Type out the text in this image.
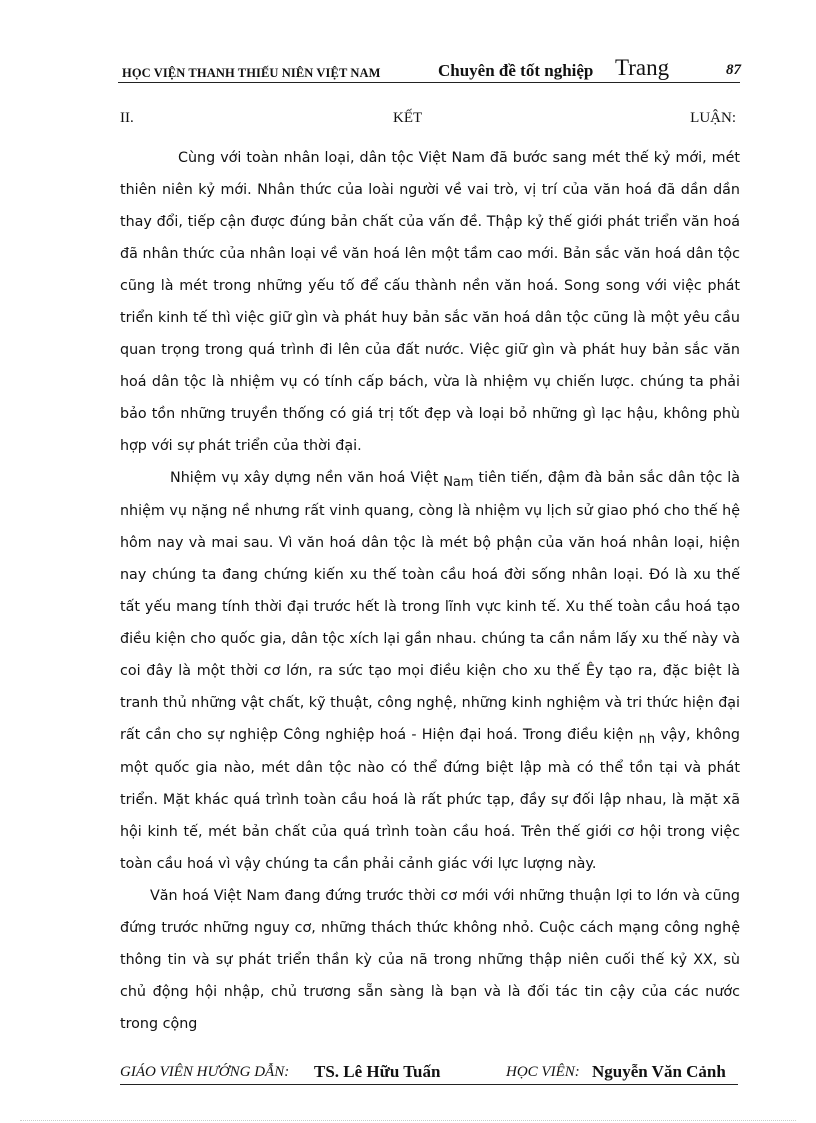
HỌC VIỆN THANH THIẾU NIÊN VIỆT NAM	Chuyên đề tốt nghiệp Trang	87
II.	KẾT	LUẬN:

Cùng với toàn nhân loại, dân tộc Việt Nam đã bước sang mét thế kỷ mới, mét thiên niên kỷ mới. Nhân thức của loài người về vai trò, vị trí của văn hoá đã dần dần thay đổi, tiếp cận được đúng bản chất của vấn đề. Thập kỷ thế giới phát triển văn hoá đã nhân thức của nhân loại về văn hoá lên một tầm cao mới. Bản sắc văn hoá dân tộc cũng là mét trong những yếu tố để cấu thành nền văn hoá. Song song với việc phát triển kinh tế thì việc giữ gìn và phát huy bản sắc văn hoá dân tộc cũng là một yêu cầu quan trọng trong quá trình đi lên của đất nước. Việc giữ gìn và phát huy bản sắc văn hoá dân tộc là nhiệm vụ có tính cấp bách, vừa là nhiệm vụ chiến lược. chúng ta phải bảo tồn những truyền thống có giá trị tốt đẹp và loại bỏ những gì lạc hậu, không phù hợp với sự phát triển của thời đại.

Nhiệm vụ xây dựng nền văn hoá Việt Nam tiên tiến, đậm đà bản sắc dân tộc là nhiệm vụ nặng nề nhưng rất vinh quang, còng là nhiệm vụ lịch sử giao phó cho thế hệ hôm nay và mai sau. Vì văn hoá dân tộc là mét bộ phận của văn hoá nhân loại, hiện nay chúng ta đang chứng kiến xu thế toàn cầu hoá đời sống nhân loại. Đó là xu thế tất yếu mang tính thời đại trước hết là trong lĩnh vực kinh tế. Xu thế toàn cầu hoá tạo điều kiện cho quốc gia, dân tộc xích lại gần nhau. chúng ta cần nắm lấy xu thế này và coi đây là một thời cơ lớn, ra sức tạo mọi điều kiện cho xu thế Êy tạo ra, đặc biệt là tranh thủ những vật chất, kỹ thuật, công nghệ, những kinh nghiệm và tri thức hiện đại rất cần cho sự nghiệp Công nghiệp hoá - Hiện đại hoá. Trong điều kiện nh vậy, không một quốc gia nào, mét dân tộc nào có thể đứng biệt lập mà có thể tồn tại và phát triển. Mặt khác quá trình toàn cầu hoá là rất phức tạp, đầy sự đối lập nhau, là mặt xã hội kinh tế, mét bản chất của quá trình toàn cầu hoá. Trên thế giới cơ hội trong việc toàn cầu hoá vì vậy chúng ta cần phải cảnh giác với lực lượng này.

Văn hoá Việt Nam đang đứng trước thời cơ mới với những thuận lợi to lớn và cũng đứng trước những nguy cơ, những thách thức không nhỏ. Cuộc cách mạng công nghệ thông tin và sự phát triển thần kỳ của nã trong những thập niên cuối thế kỷ XX, sù chủ động hội nhập, chủ trương sẵn sàng là bạn và là đối tác tin cậy của các nước trong cộng

GIÁO VIÊN HƯỚNG DẪN: TS. Lê Hữu Tuấn	HỌC VIÊN: Nguyễn Văn Cảnh
